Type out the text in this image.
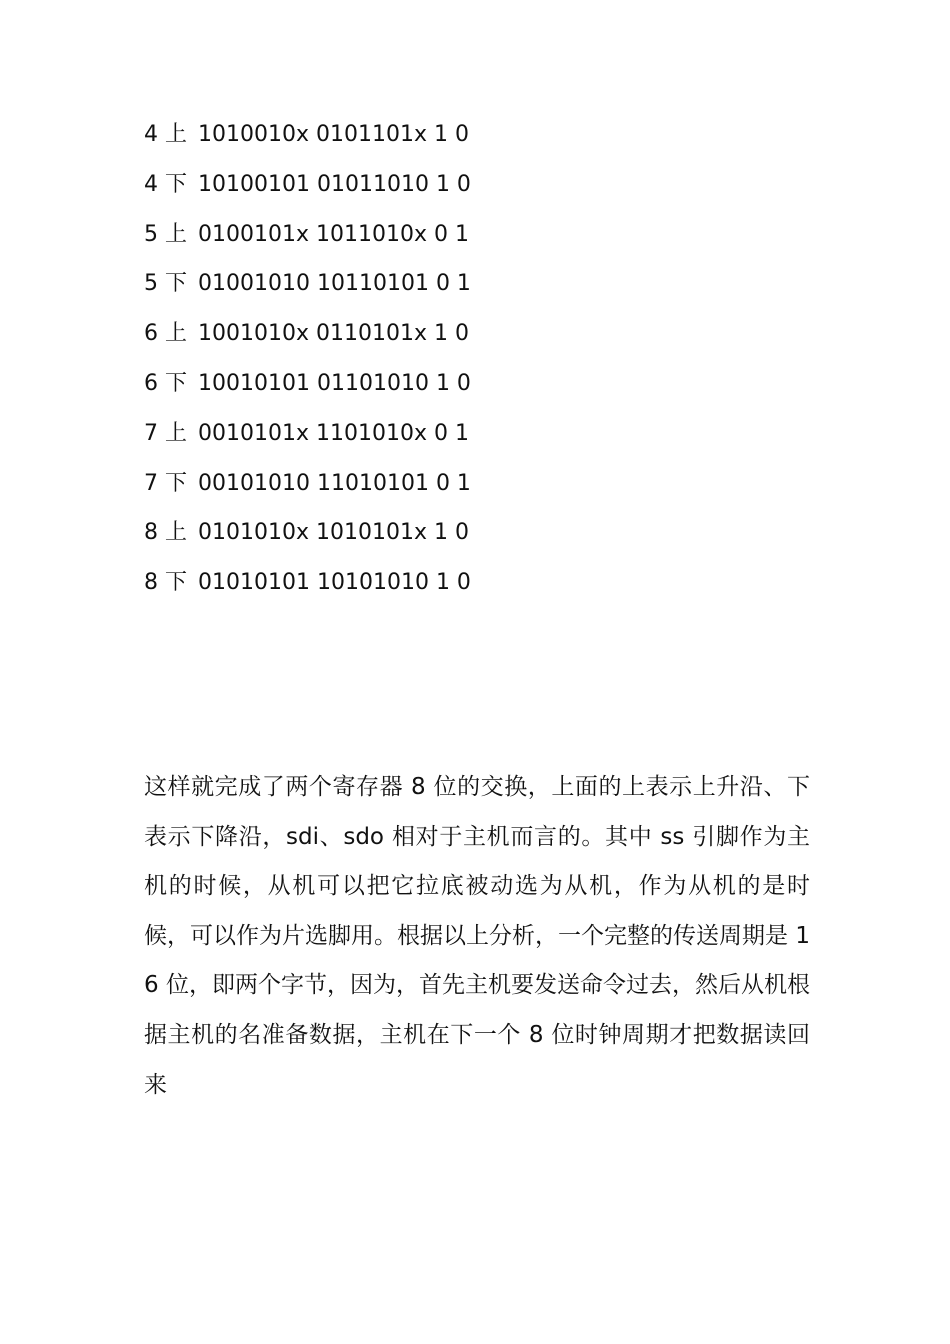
4 上 1010010x 0101101x 1 0
4 下 10100101 01011010 1 0
5 上 0100101x 1011010x 0 1
5 下 01001010 10110101 0 1
6 上 1001010x 0110101x 1 0
6 下 10010101 01101010 1 0
7 上 0010101x 1101010x 0 1
7 下 00101010 11010101 0 1
8 上 0101010x 1010101x 1 0
8 下 01010101 10101010 1 0

这样就完成了两个寄存器 8 位的交换，上面的上表示上升沿、下表示下降沿，sdi、sdo 相对于主机而言的。其中 ss 引脚作为主机的时候，从机可以把它拉底被动选为从机，作为从机的是时候，可以作为片选脚用。根据以上分析，一个完整的传送周期是 16 位，即两个字节，因为，首先主机要发送命令过去，然后从机根据主机的名准备数据，主机在下一个 8 位时钟周期才把数据读回来
